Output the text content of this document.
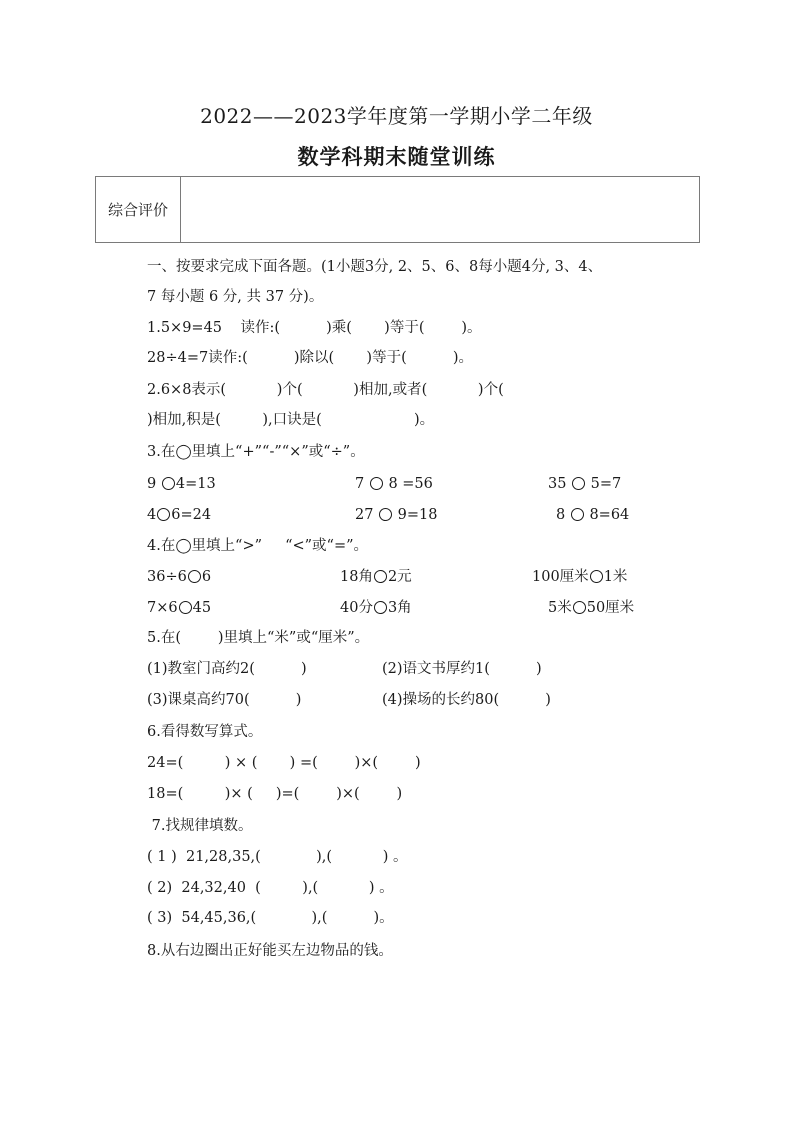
2022——2023学年度第一学期小学二年级
数学科期末随堂训练
综合评价
一、按要求完成下面各题。(1小题3分, 2、5、6、8每小题4分, 3、4、
7 每小题 6 分, 共 37 分)。
1.5×9=45    读作:(          )乘(       )等于(        )。
28÷4=7读作:(          )除以(       )等于(          )。
2.6×8表示(           )个(           )相加,或者(           )个(
)相加,积是(         ),口诀是(                    )。
3.在◯里填上“+”“-”“×”或“÷”。
9 4=13	7  8 =56	35  5=7
4 6=24	27  9=18	8  8=64
4.在◯里填上“>”     “<”或“=”。
36÷6 6	18角 2元	100厘米 1米
7×6 45	40分 3角	5米 50厘米
5.在(        )里填上“米”或“厘米”。
(1)教室门高约2(          )	(2)语文书厚约1(          )
(3)课桌高约70(          )	(4)操场的长约80(          )
6.看得数写算式。
24=(         ) × (       ) =(        )×(        )
18=(         )× (     )=(        )×(        )
7.找规律填数。
( 1 )  21,28,35,(            ),(           ) 。
( 2)  24,32,40  (         ),(           ) 。
( 3)  54,45,36,(            ),(          )。
8.从右边圈出正好能买左边物品的钱。
